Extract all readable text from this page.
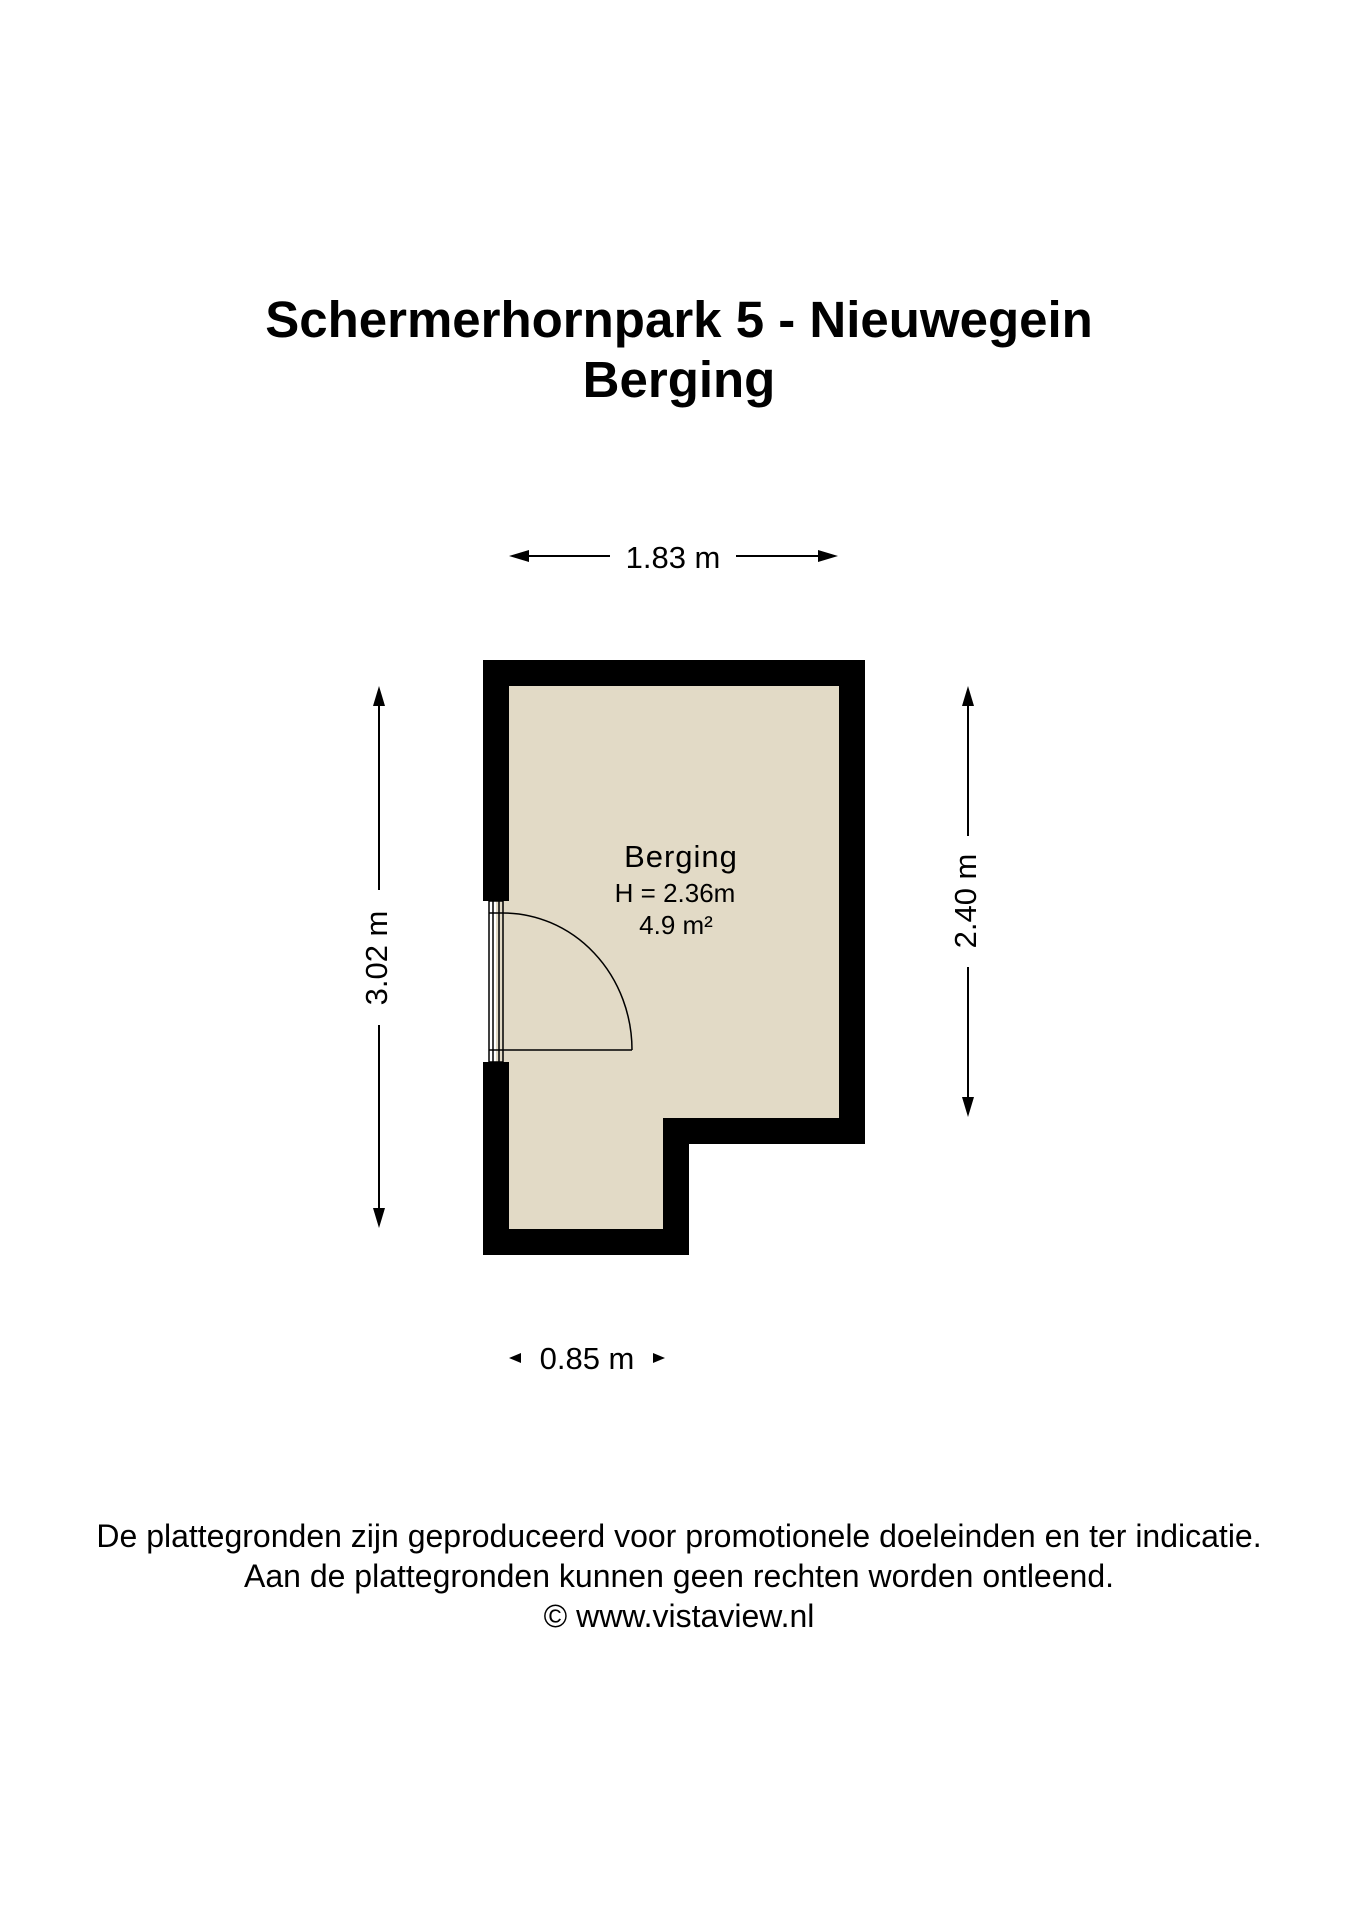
Schermerhornpark 5 - Nieuwegein
Berging
Berging
H = 2.36m
4.9 m²
1.83 m
3.02 m
2.40 m
0.85 m
De plattegronden zijn geproduceerd voor promotionele doeleinden en ter indicatie.
Aan de plattegronden kunnen geen rechten worden ontleend.
© www.vistaview.nl
